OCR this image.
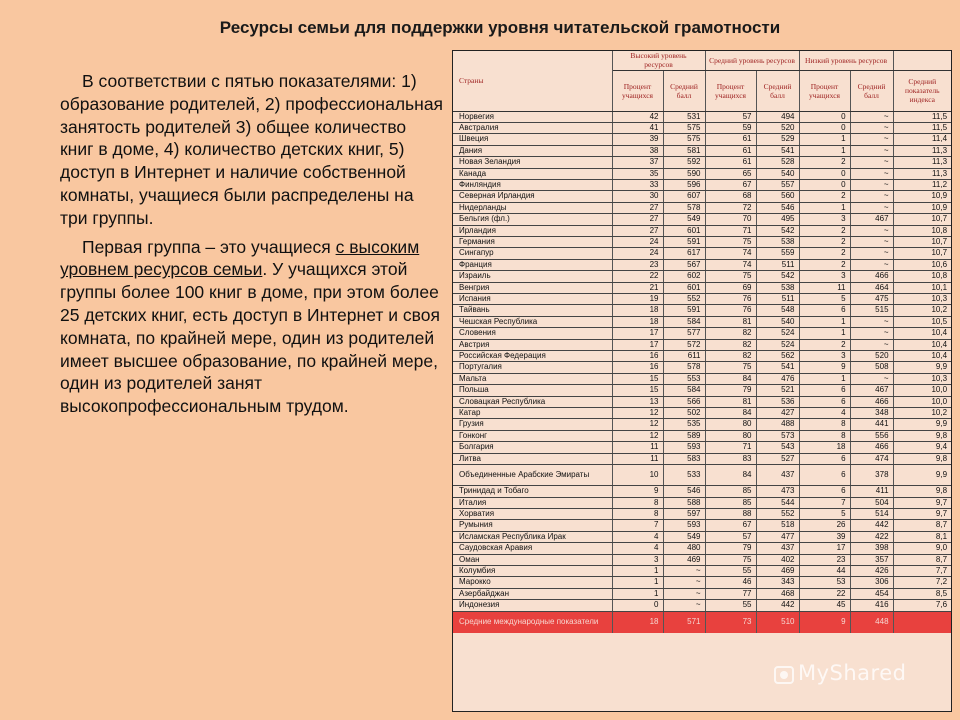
Ресурсы семьи для поддержки уровня читательской грамотности

В соответствии с пятью показателями: 1) образование родителей, 2) профессиональная занятость родителей 3) общее количество книг в доме, 4) количество детских книг, 5) доступ в Интернет и наличие собственной комнаты, учащиеся были распределены на три группы.

Первая группа – это учащиеся с высоким уровнем ресурсов семьи. У учащихся этой группы более 100 книг в доме, при этом более 25 детских книг, есть доступ в Интернет и своя комната, по крайней мере, один из родителей имеет высшее образование, по крайней мере, один из родителей занят высокопрофессиональным трудом.

Страны	Высокий уровень ресурсов		Средний уровень ресурсов		Низкий уровень ресурсов		
	Процент учащихся	Средний балл	Процент учащихся	Средний балл	Процент учащихся	Средний балл	Средний показатель индекса
Норвегия	42	531	57	494	0	~	11,5
Австралия	41	575	59	520	0	~	11,5
Швеция	39	575	61	529	1	~	11,4
Дания	38	581	61	541	1	~	11,3
Новая Зеландия	37	592	61	528	2	~	11,3
Канада	35	590	65	540	0	~	11,3
Финляндия	33	596	67	557	0	~	11,2
Северная Ирландия	30	607	68	560	2	~	10,9
Нидерланды	27	578	72	546	1	~	10,9
Бельгия (фл.)	27	549	70	495	3	467	10,7
Ирландия	27	601	71	542	2	~	10,8
Германия	24	591	75	538	2	~	10,7
Сингапур	24	617	74	559	2	~	10,7
Франция	23	567	74	511	2	~	10,6
Израиль	22	602	75	542	3	466	10,8
Венгрия	21	601	69	538	11	464	10,1
Испания	19	552	76	511	5	475	10,3
Тайвань	18	591	76	548	6	515	10,2
Чешская Республика	18	584	81	540	1	~	10,5
Словения	17	577	82	524	1	~	10,4
Австрия	17	572	82	524	2	~	10,4
Российская Федерация	16	611	82	562	3	520	10,4
Португалия	16	578	75	541	9	508	9,9
Мальта	15	553	84	476	1	~	10,3
Польша	15	584	79	521	6	467	10,0
Словацкая Республика	13	566	81	536	6	466	10,0
Катар	12	502	84	427	4	348	10,2
Грузия	12	535	80	488	8	441	9,9
Гонконг	12	589	80	573	8	556	9,8
Болгария	11	593	71	543	18	466	9,4
Литва	11	583	83	527	6	474	9,8
Объединенные Арабские Эмираты	10	533	84	437	6	378	9,9
Тринидад и Тобаго	9	546	85	473	6	411	9,8
Италия	8	588	85	544	7	504	9,7
Хорватия	8	597	88	552	5	514	9,7
Румыния	7	593	67	518	26	442	8,7
Исламская Республика Ирак	4	549	57	477	39	422	8,1
Саудовская Аравия	4	480	79	437	17	398	9,0
Оман	3	469	75	402	23	357	8,7
Колумбия	1	~	55	469	44	426	7,7
Марокко	1	~	46	343	53	306	7,2
Азербайджан	1	~	77	468	22	454	8,5
Индонезия	0	~	55	442	45	416	7,6
Средние международные показатели	18	571	73	510	9	448	
MyShared
